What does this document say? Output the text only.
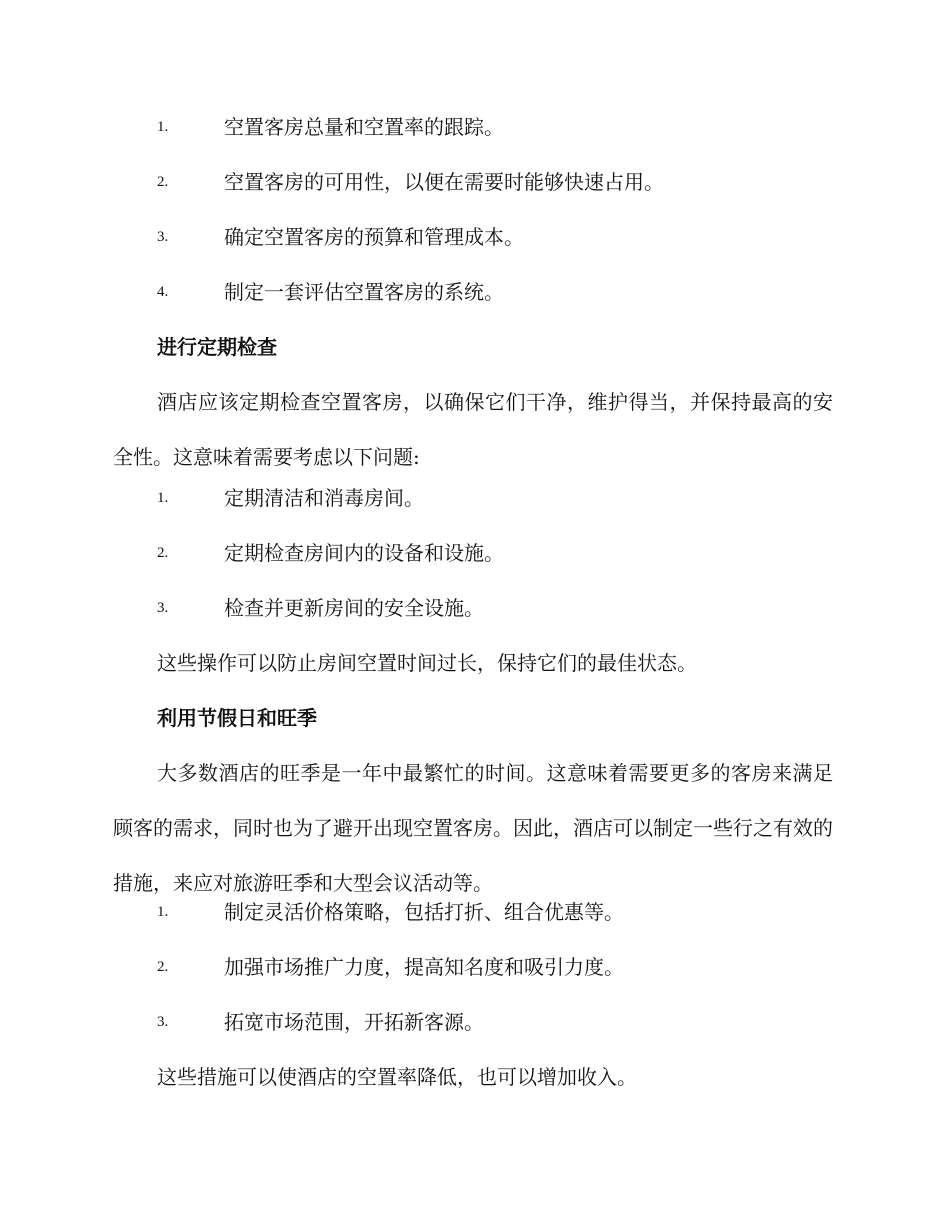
1.	空置客房总量和空置率的跟踪。
2.	空置客房的可用性，以便在需要时能够快速占用。
3.	确定空置客房的预算和管理成本。
4.	制定一套评估空置客房的系统。
进行定期检查

酒店应该定期检查空置客房，以确保它们干净，维护得当，并保持最高的安全性。这意味着需要考虑以下问题:

1.	定期清洁和消毒房间。
2.	定期检查房间内的设备和设施。
3.	检查并更新房间的安全设施。
这些操作可以防止房间空置时间过长，保持它们的最佳状态。
利用节假日和旺季

大多数酒店的旺季是一年中最繁忙的时间。这意味着需要更多的客房来满足顾客的需求，同时也为了避开出现空置客房。因此，酒店可以制定一些行之有效的措施，来应对旅游旺季和大型会议活动等。

1.	制定灵活价格策略，包括打折、组合优惠等。
2.	加强市场推广力度，提高知名度和吸引力度。
3.	拓宽市场范围，开拓新客源。
这些措施可以使酒店的空置率降低，也可以增加收入。
